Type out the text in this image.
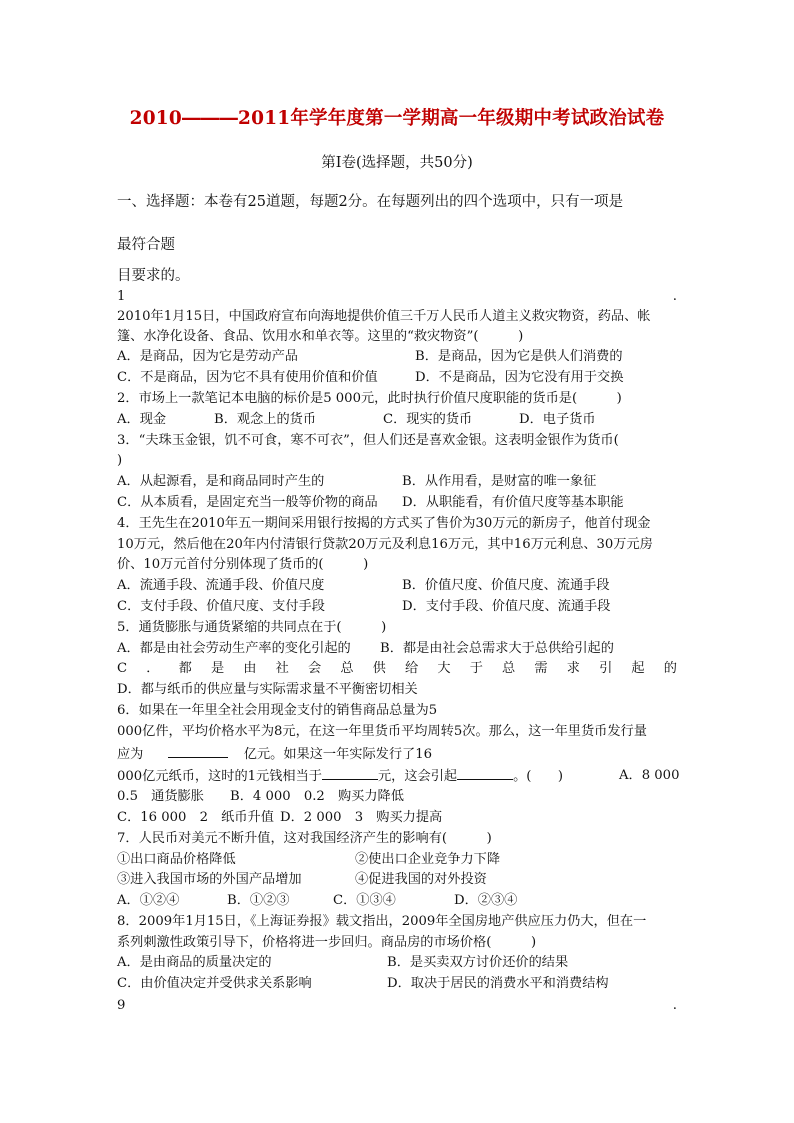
2010―――2011年学年度第一学期高一年级期中考试政治试卷
第Ⅰ卷(选择题，共50分)
一、选择题：本卷有25道题，每题2分。在每题列出的四个选项中，只有一项是
最符合题
目要求的。
1	.
2010年1月15日，中国政府宣布向海地提供价值三千万人民币人道主义救灾物资，药品、帐
篷、水净化设备、食品、饮用水和单衣等。这里的“救灾物资”(　　　)
A．是商品，因为它是劳动产品	B．是商品，因为它是供人们消费的
C．不是商品，因为它不具有使用价值和价值	D．不是商品，因为它没有用于交换
2．市场上一款笔记本电脑的标价是5 000元，此时执行价值尺度职能的货币是(　　　)
A．现金	B．观念上的货币	C．现实的货币	D．电子货币
3．“夫珠玉金银，饥不可食，寒不可衣”，但人们还是喜欢金银。这表明金银作为货币(
)
A．从起源看，是和商品同时产生的	B．从作用看，是财富的唯一象征
C．从本质看，是固定充当一般等价物的商品 D．从职能看，有价值尺度等基本职能
4．王先生在2010年五一期间采用银行按揭的方式买了售价为30万元的新房子，他首付现金
10万元，然后他在20年内付清银行贷款20万元及利息16万元，其中16万元利息、30万元房
价、10万元首付分别体现了货币的(　　　)
A．流通手段、流通手段、价值尺度	B．价值尺度、价值尺度、流通手段
C．支付手段、价值尺度、支付手段	D．支付手段、价值尺度、流通手段
5．通货膨胀与通货紧缩的共同点在于(　　　)
A．都是由社会劳动生产率的变化引起的 B．都是由社会总需求大于总供给引起的
C ． 都 是 由 社 会 总 供 给 大 于 总 需 求 引 起 的
D．都与纸币的供应量与实际需求量不平衡密切相关
6．如果在一年里全社会用现金支付的销售商品总量为5
000亿件，平均价格水平为8元，在这一年里货币平均周转5次。那么，这一年里货币发行量
应为	亿元。如果这一年实际发行了16
000亿元纸币，这时的1元钱相当于	元，这会引起	。(　　)	A．8 000
0.5　通货膨胀
C．16 000　2　纸币升值 D．2 000　3　购买力提高
B．4 000　0.2　购买力降低
7．人民币对美元不断升值，这对我国经济产生的影响有(　　　)
①出口商品价格降低	②使出口企业竞争力下降
③进入我国市场的外国产品增加	④促进我国的对外投资
A．①②④	B．①②③	C．①③④	D．②③④
8．2009年1月15日，《上海证券报》载文指出，2009年全国房地产供应压力仍大，但在一
系列刺激性政策引导下，价格将进一步回归。商品房的市场价格(　　　)
A．是由商品的质量决定的	B．是买卖双方讨价还价的结果
C．由价值决定并受供求关系影响	D．取决于居民的消费水平和消费结构
9	.
